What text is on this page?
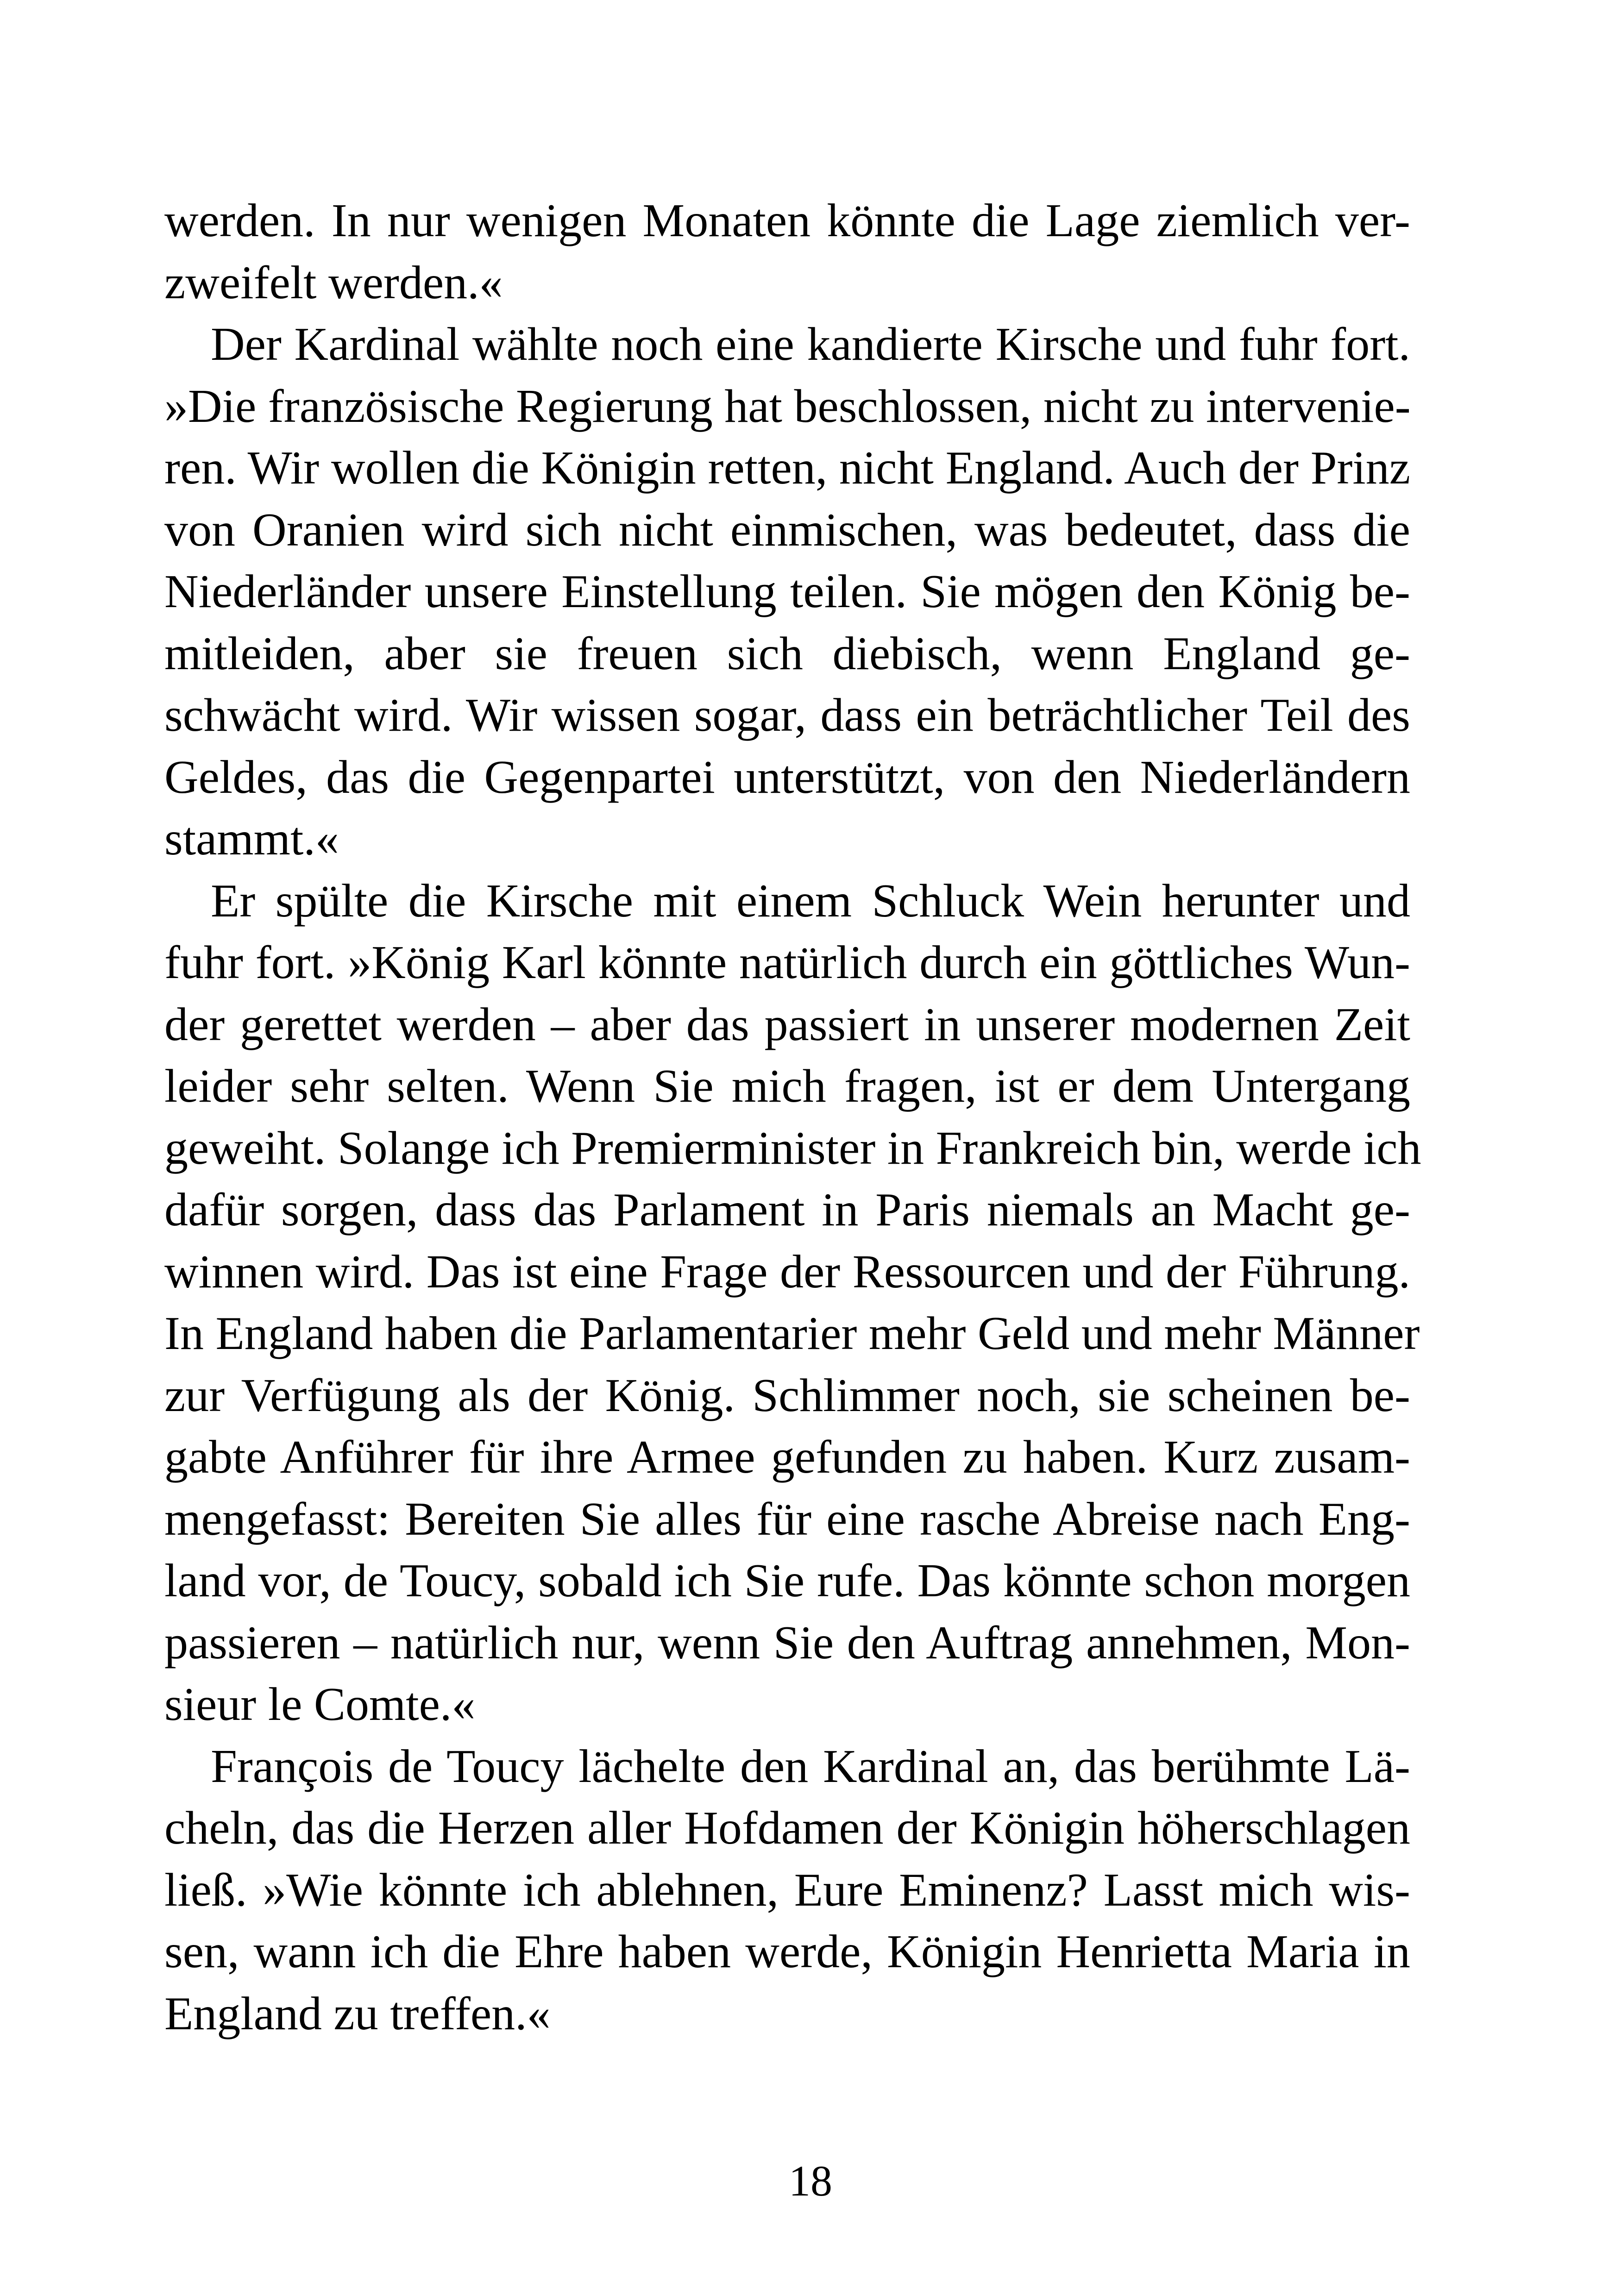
werden. In nur wenigen Monaten könnte die Lage ziemlich ver-
zweifelt werden.«
Der Kardinal wählte noch eine kandierte Kirsche und fuhr fort.
»Die französische Regierung hat beschlossen, nicht zu intervenie-
ren. Wir wollen die Königin retten, nicht England. Auch der Prinz
von Oranien wird sich nicht einmischen, was bedeutet, dass die
Niederländer unsere Einstellung teilen. Sie mögen den König be-
mitleiden, aber sie freuen sich diebisch, wenn England ge-
schwächt wird. Wir wissen sogar, dass ein beträchtlicher Teil des
Geldes, das die Gegenpartei unterstützt, von den Niederländern
stammt.«
Er spülte die Kirsche mit einem Schluck Wein herunter und
fuhr fort. »König Karl könnte natürlich durch ein göttliches Wun-
der gerettet werden – aber das passiert in unserer modernen Zeit
leider sehr selten. Wenn Sie mich fragen, ist er dem Untergang
geweiht. Solange ich Premierminister in Frankreich bin, werde ich
dafür sorgen, dass das Parlament in Paris niemals an Macht ge-
winnen wird. Das ist eine Frage der Ressourcen und der Führung.
In England haben die Parlamentarier mehr Geld und mehr Männer
zur Verfügung als der König. Schlimmer noch, sie scheinen be-
gabte Anführer für ihre Armee gefunden zu haben. Kurz zusam-
mengefasst: Bereiten Sie alles für eine rasche Abreise nach Eng-
land vor, de Toucy, sobald ich Sie rufe. Das könnte schon morgen
passieren – natürlich nur, wenn Sie den Auftrag annehmen, Mon-
sieur le Comte.«
François de Toucy lächelte den Kardinal an, das berühmte Lä-
cheln, das die Herzen aller Hofdamen der Königin höherschlagen
ließ. »Wie könnte ich ablehnen, Eure Eminenz? Lasst mich wis-
sen, wann ich die Ehre haben werde, Königin Henrietta Maria in
England zu treffen.«
18
